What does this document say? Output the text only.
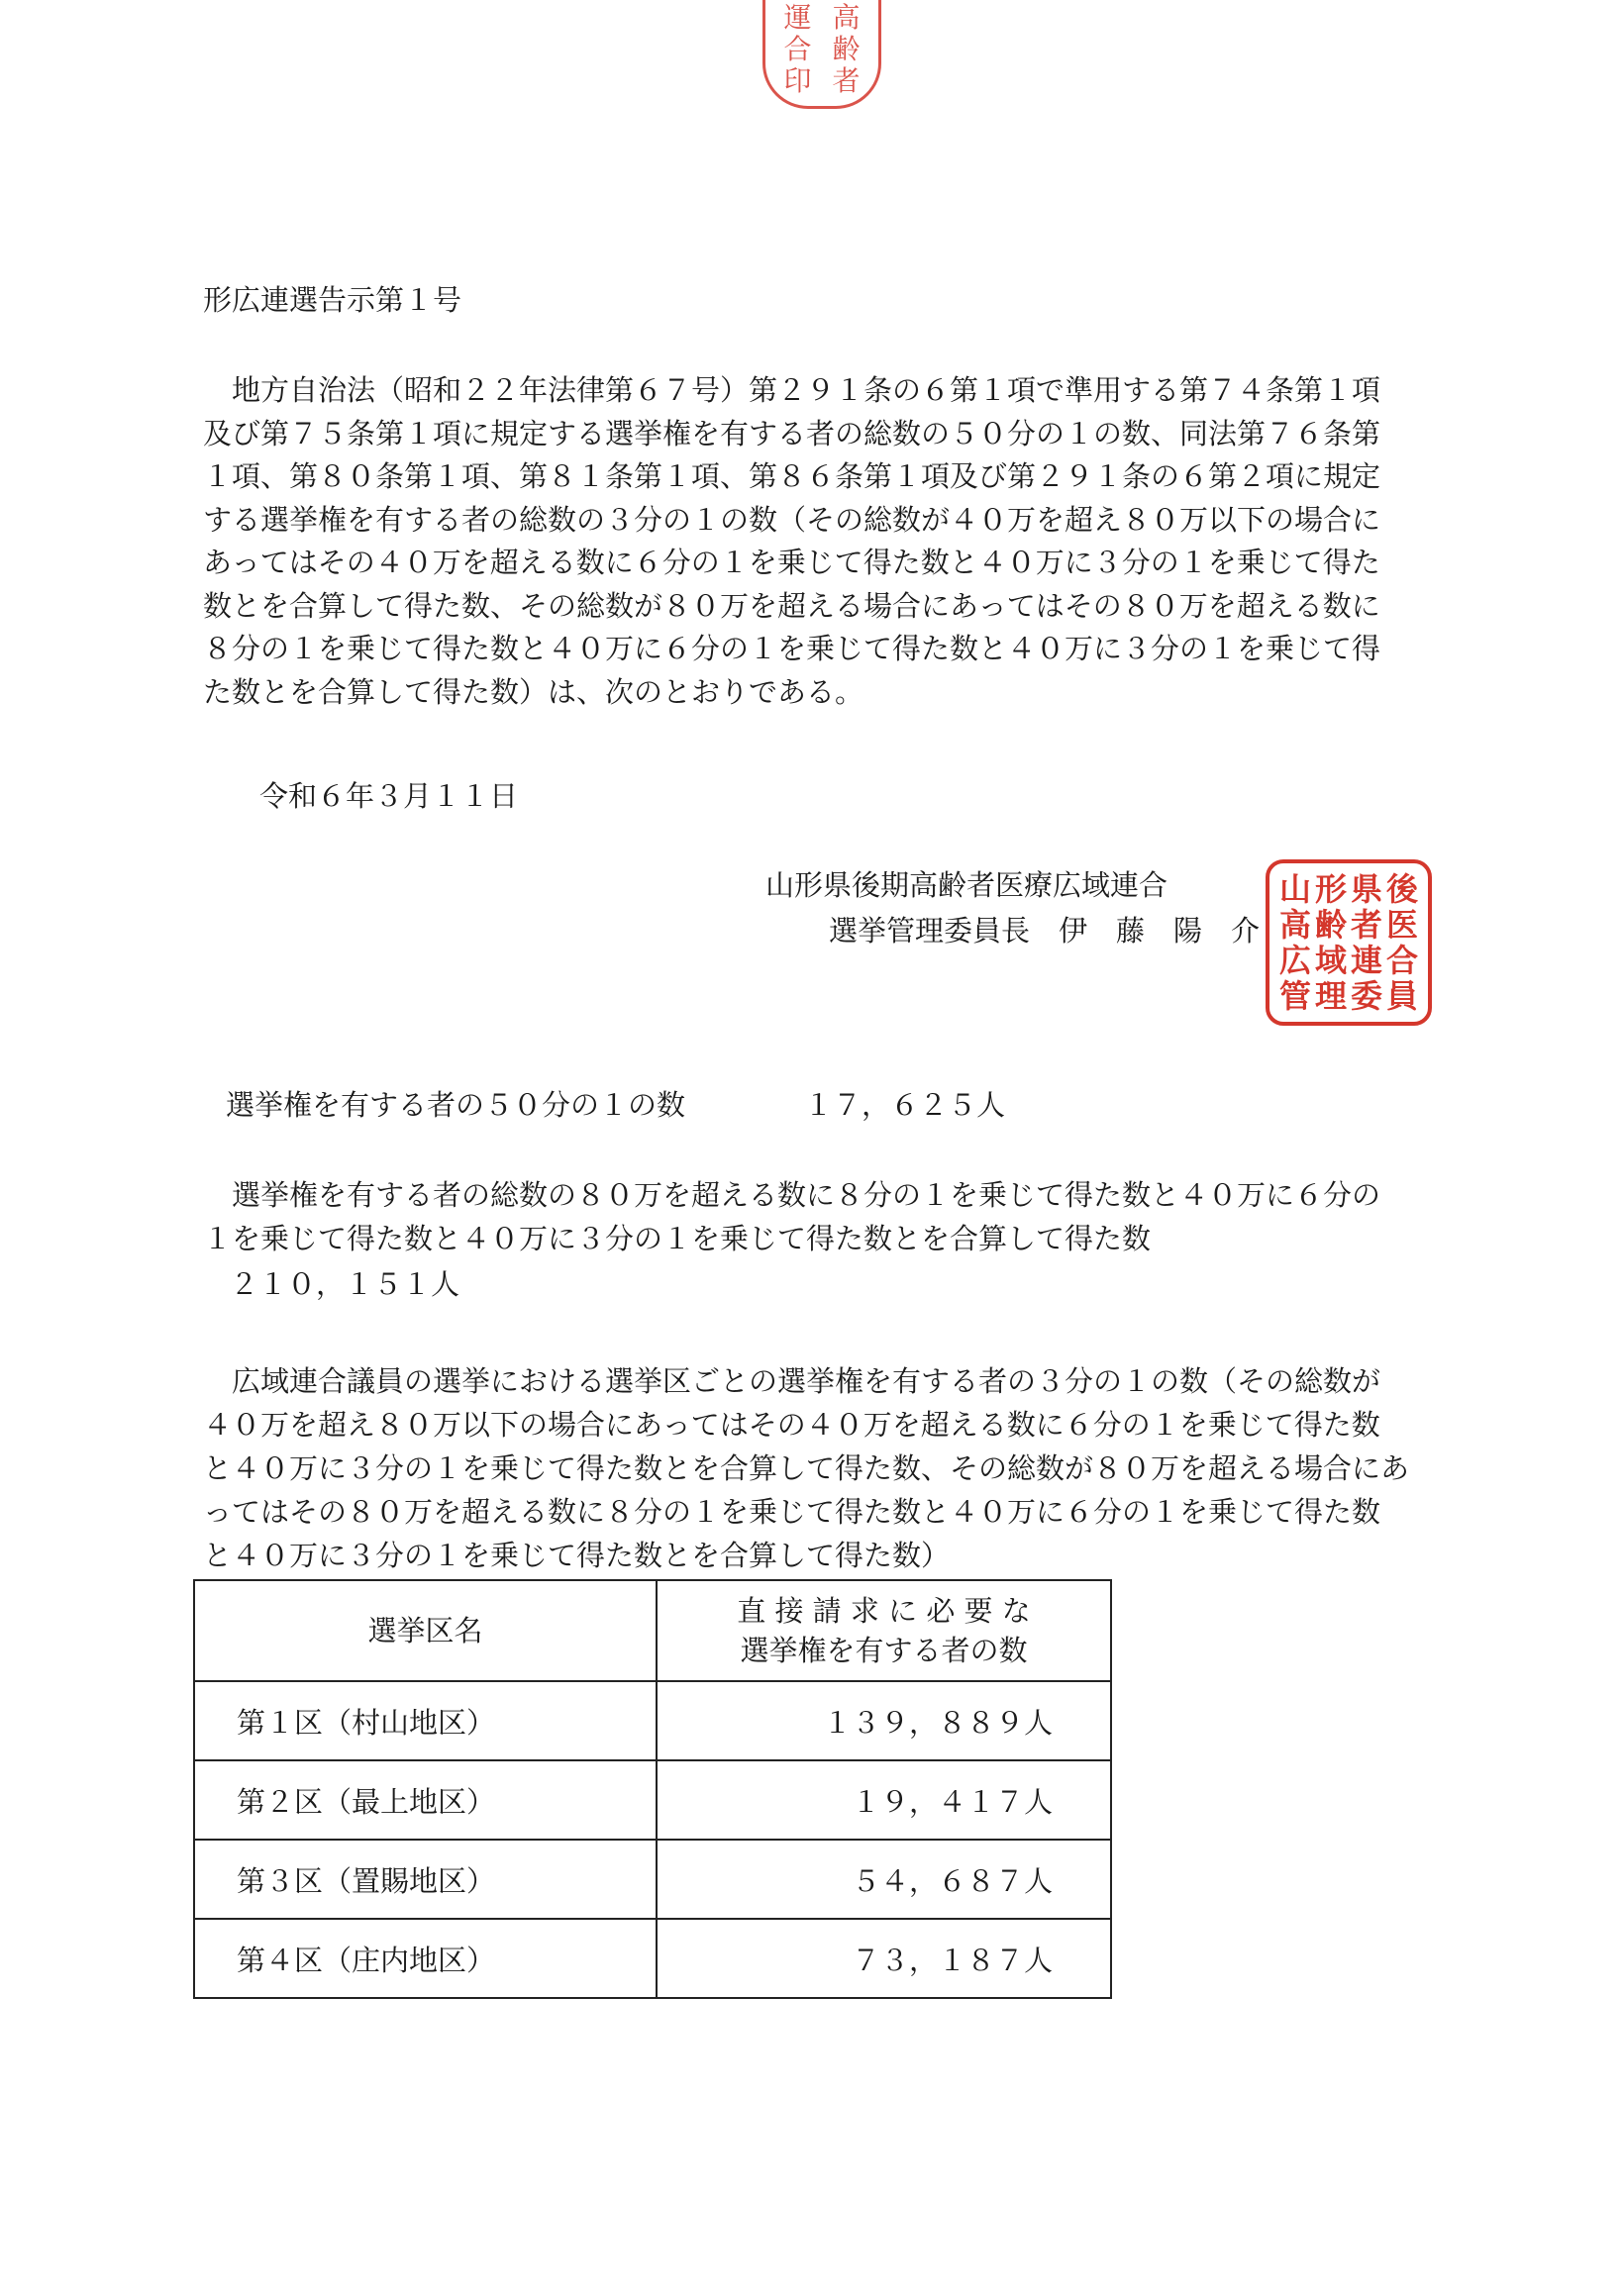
運
合
印
高
齢
者
山 形 県 後
高 齢 者 医
広 域 連 合
管 理 委 員
形広連選告示第１号
　地方自治法（昭和２２年法律第６７号）第２９１条の６第１項で準用する第７４条第１項
及び第７５条第１項に規定する選挙権を有する者の総数の５０分の１の数、同法第７６条第
１項、第８０条第１項、第８１条第１項、第８６条第１項及び第２９１条の６第２項に規定
する選挙権を有する者の総数の３分の１の数（その総数が４０万を超え８０万以下の場合に
あってはその４０万を超える数に６分の１を乗じて得た数と４０万に３分の１を乗じて得た
数とを合算して得た数、その総数が８０万を超える場合にあってはその８０万を超える数に
８分の１を乗じて得た数と４０万に６分の１を乗じて得た数と４０万に３分の１を乗じて得
た数とを合算して得た数）は、次のとおりである。
令和６年３月１１日
山形県後期高齢者医療広域連合
選挙管理委員長　伊　藤　陽　介
選挙権を有する者の５０分の１の数	１７，６２５人
　選挙権を有する者の総数の８０万を超える数に８分の１を乗じて得た数と４０万に６分の
１を乗じて得た数と４０万に３分の１を乗じて得た数とを合算して得た数
２１０，１５１人
　広域連合議員の選挙における選挙区ごとの選挙権を有する者の３分の１の数（その総数が
４０万を超え８０万以下の場合にあってはその４０万を超える数に６分の１を乗じて得た数
と４０万に３分の１を乗じて得た数とを合算して得た数、その総数が８０万を超える場合にあ
ってはその８０万を超える数に８分の１を乗じて得た数と４０万に６分の１を乗じて得た数
と４０万に３分の１を乗じて得た数とを合算して得た数）
選挙区名	直 接 請 求 に 必 要 な
選挙権を有する者の数

第１区（村山地区）	１３９，８８９人
第２区（最上地区）	１９，４１７人
第３区（置賜地区）	５４，６８７人
第４区（庄内地区）	７３，１８７人
